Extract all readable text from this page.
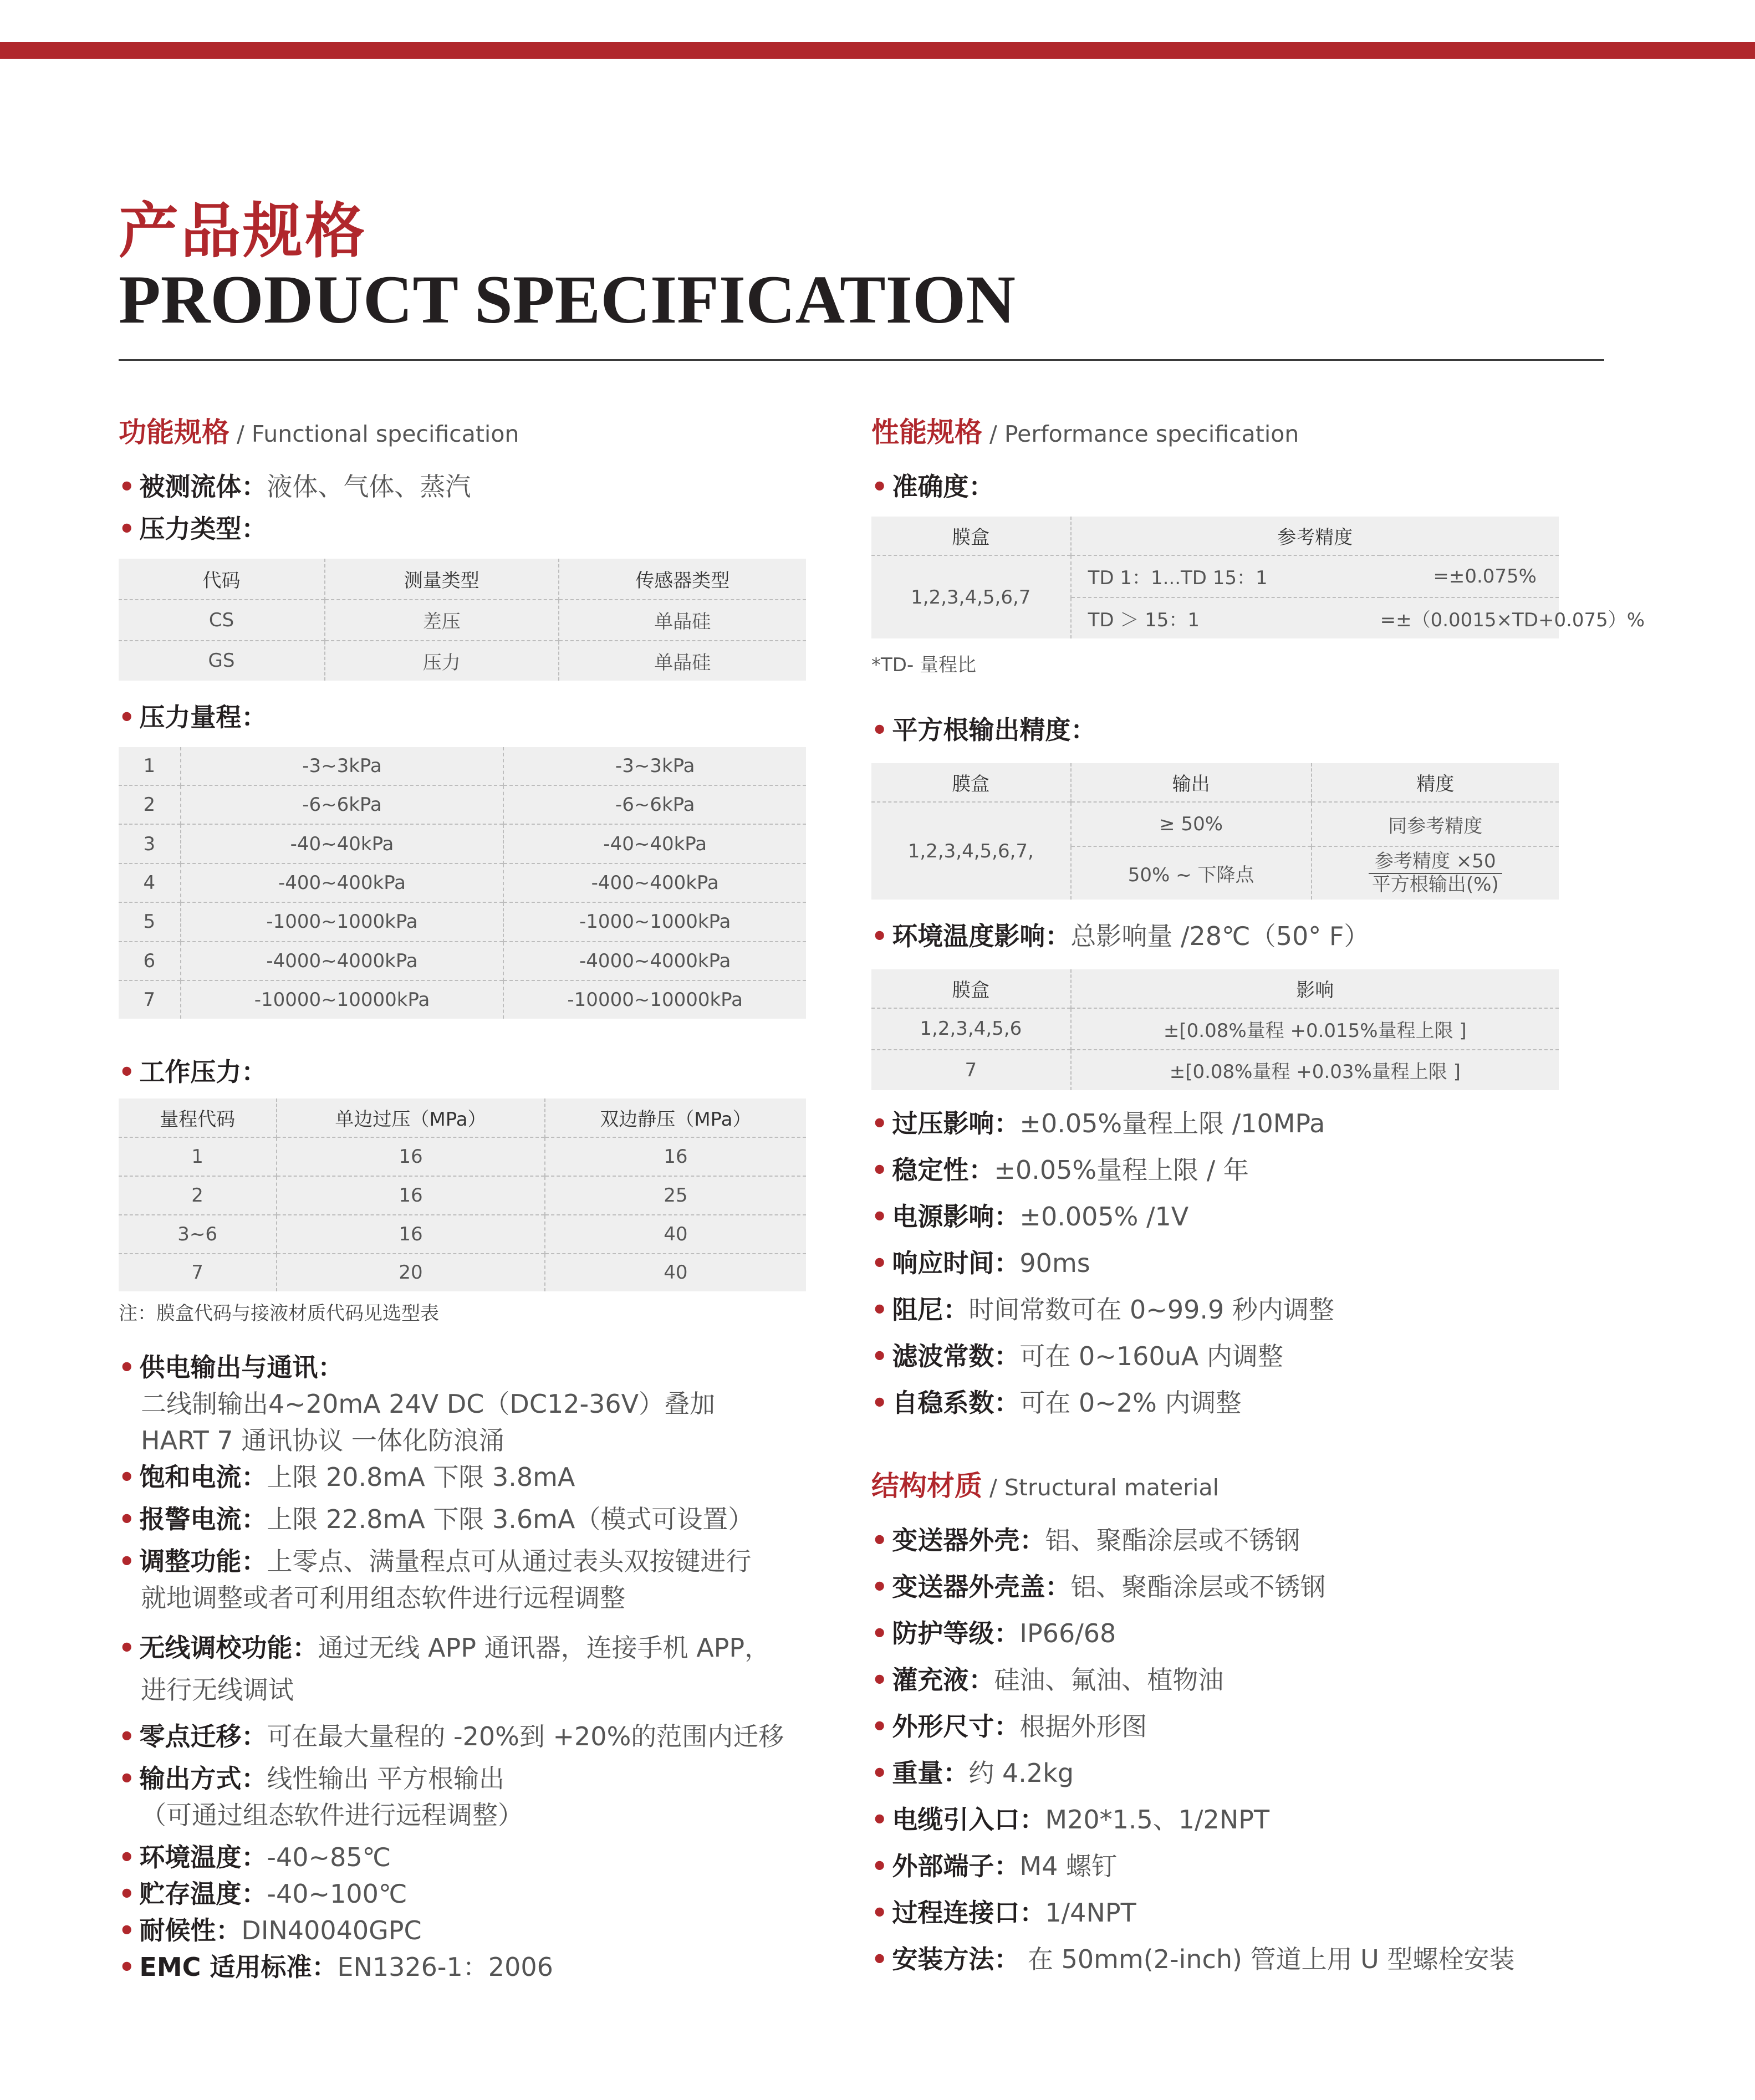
产品规格
PRODUCT SPECIFICATION
功能规格 / Functional specification
• 被测流体：液体、气体、蒸汽
• 压力类型：
代码	测量类型	传感器类型
CS	差压	单晶硅
GS	压力	单晶硅
• 压力量程：
1	-3~3kPa	-3~3kPa
2	-6~6kPa	-6~6kPa
3	-40~40kPa	-40~40kPa
4	-400~400kPa	-400~400kPa
5	-1000~1000kPa	-1000~1000kPa
6	-4000~4000kPa	-4000~4000kPa
7	-10000~10000kPa	-10000~10000kPa
• 工作压力：
量程代码	单边过压（MPa）	双边静压（MPa）
1	16	16
2	16	25
3~6	16	40
7	20	40
注：膜盒代码与接液材质代码见选型表
• 供电输出与通讯：
二线制输出4~20mA 24V DC（DC12-36V）叠加
HART 7 通讯协议 一体化防浪涌
• 饱和电流：上限 20.8mA 下限 3.8mA
• 报警电流：上限 22.8mA 下限 3.6mA（模式可设置）
• 调整功能：上零点、满量程点可从通过表头双按键进行
就地调整或者可利用组态软件进行远程调整
• 无线调校功能：通过无线 APP 通讯器，连接手机 APP，
进行无线调试
• 零点迁移：可在最大量程的 -20%到 +20%的范围内迁移
• 输出方式：线性输出 平方根输出
（可通过组态软件进行远程调整）
• 环境温度：-40~85℃
• 贮存温度：-40~100℃
• 耐候性：DIN40040GPC
• EMC 适用标准：EN1326-1：2006
性能规格 / Performance specification
• 准确度：
膜盒	参考精度	
1,2,3,4,5,6,7	TD 1：1...TD 15：1	=±0.075%
	TD ＞ 15：1	=±（0.0015×TD+0.075）%
*TD- 量程比
• 平方根输出精度：
膜盒	输出	精度
1,2,3,4,5,6,7,	≥ 50%	同参考精度
	50% ~ 下降点	$\frac{\text{参考精度 ×50}}{\text{平方根输出(\%)}}$
• 环境温度影响：总影响量 /28℃（50° F）
膜盒	影响
1,2,3,4,5,6	±[0.08%量程 +0.015%量程上限 ]
7	±[0.08%量程 +0.03%量程上限 ]
• 过压影响：±0.05%量程上限 /10MPa
• 稳定性：±0.05%量程上限 / 年
• 电源影响：±0.005% /1V
• 响应时间：90ms
• 阻尼：时间常数可在 0~99.9 秒内调整
• 滤波常数：可在 0~160uA 内调整
• 自稳系数：可在 0~2% 内调整
结构材质 / Structural material
• 变送器外壳：铝、聚酯涂层或不锈钢
• 变送器外壳盖：铝、聚酯涂层或不锈钢
• 防护等级：IP66/68
• 灌充液：硅油、氟油、植物油
• 外形尺寸：根据外形图
• 重量：约 4.2kg
• 电缆引入口：M20*1.5、1/2NPT
• 外部端子：M4 螺钉
• 过程连接口：1/4NPT
• 安装方法： 在 50mm(2-inch) 管道上用 U 型螺栓安装
